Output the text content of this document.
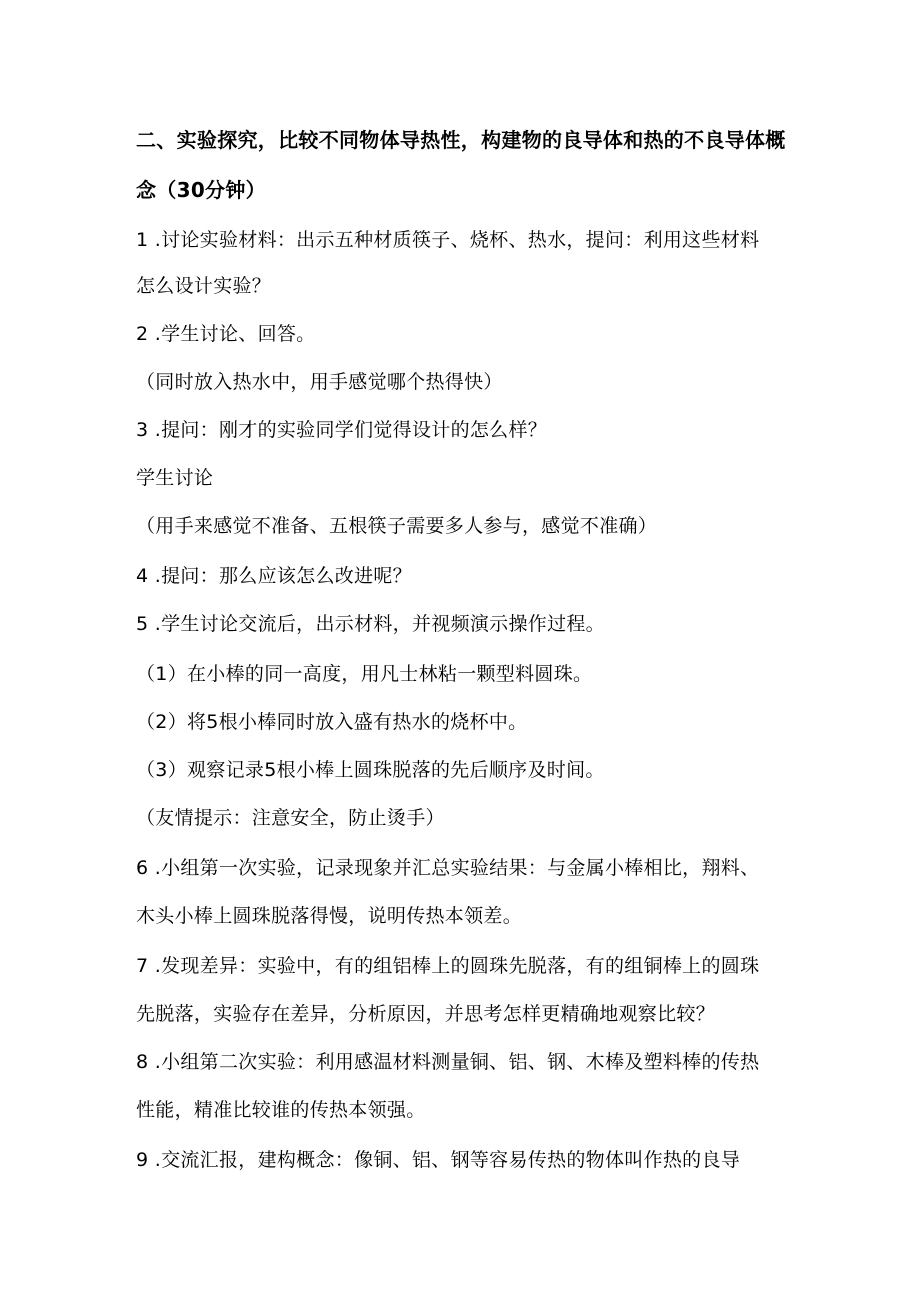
二、实验探究，比较不同物体导热性，构建物的良导体和热的不良导体概
念（30分钟）
1 .讨论实验材料：出示五种材质筷子、烧杯、热水，提问：利用这些材料
怎么设计实验？
2 .学生讨论、回答。
（同时放入热水中，用手感觉哪个热得快）
3 .提问：刚才的实验同学们觉得设计的怎么样？
学生讨论
（用手来感觉不准备、五根筷子需要多人参与，感觉不准确）
4 .提问：那么应该怎么改进呢？
5 .学生讨论交流后，出示材料，并视频演示操作过程。
（1）在小棒的同一高度，用凡士林粘一颗型料圆珠。
（2）将5根小棒同时放入盛有热水的烧杯中。
（3）观察记录5根小棒上圆珠脱落的先后顺序及时间。
（友情提示：注意安全，防止烫手）
6 .小组第一次实验，记录现象并汇总实验结果：与金属小棒相比，翔料、
木头小棒上圆珠脱落得慢，说明传热本领差。
7 .发现差异：实验中，有的组铝棒上的圆珠先脱落，有的组铜棒上的圆珠
先脱落，实验存在差异，分析原因，并思考怎样更精确地观察比较？
8 .小组第二次实验：利用感温材料测量铜、铝、钢、木棒及塑料棒的传热
性能，精准比较谁的传热本领强。
9 .交流汇报，建构概念：像铜、铝、钢等容易传热的物体叫作热的良导
